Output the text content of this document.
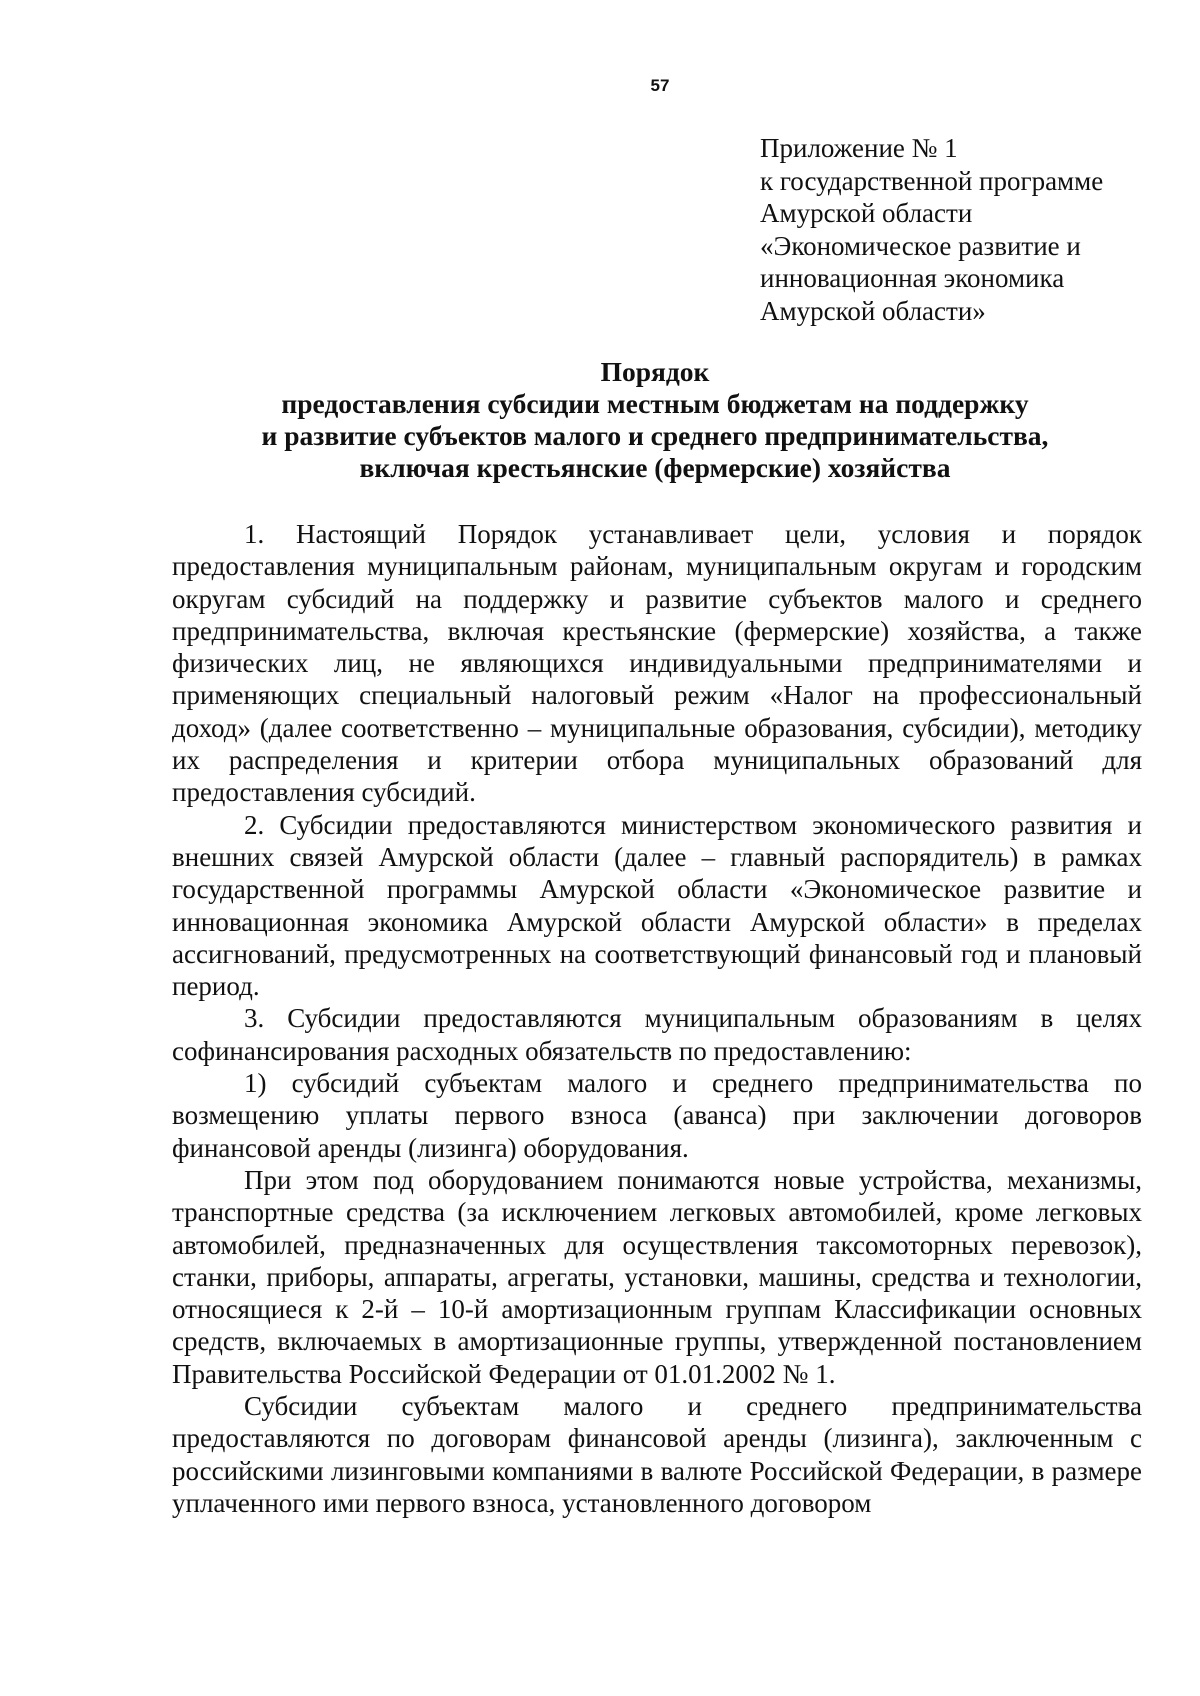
57
Приложение № 1
к государственной программе
Амурской области
«Экономическое развитие и
инновационная экономика
Амурской области»
Порядок
предоставления субсидии местным бюджетам на поддержку
и развитие субъектов малого и среднего предпринимательства,
включая крестьянские (фермерские) хозяйства

1. Настоящий Порядок устанавливает цели, условия и порядок предоставления муниципальным районам, муниципальным округам и городским округам субсидий на поддержку и развитие субъектов малого и среднего предпринимательства, включая крестьянские (фермерские) хозяйства, а также физических лиц, не являющихся индивидуальными предпринимателями и применяющих специальный налоговый режим «Налог на профессиональный доход» (далее соответственно – муниципальные образования, субсидии), методику их распределения и критерии отбора муниципальных образований для предоставления субсидий.

2. Субсидии предоставляются министерством экономического развития и внешних связей Амурской области (далее – главный распорядитель) в рамках государственной программы Амурской области «Экономическое развитие и инновационная экономика Амурской области Амурской области» в пределах ассигнований, предусмотренных на соответствующий финансовый год и плановый период.

3. Субсидии предоставляются муниципальным образованиям в целях софинансирования расходных обязательств по предоставлению:

1) субсидий субъектам малого и среднего предпринимательства по возмещению уплаты первого взноса (аванса) при заключении договоров финансовой аренды (лизинга) оборудования.

При этом под оборудованием понимаются новые устройства, механизмы, транспортные средства (за исключением легковых автомобилей, кроме легковых автомобилей, предназначенных для осуществления таксомоторных перевозок), станки, приборы, аппараты, агрегаты, установки, машины, средства и технологии, относящиеся к 2-й – 10-й амортизационным группам Классификации основных средств, включаемых в амортизационные группы, утвержденной постановлением Правительства Российской Федерации от 01.01.2002 № 1.

Субсидии субъектам малого и среднего предпринимательства предоставляются по договорам финансовой аренды (лизинга), заключенным с российскими лизинговыми компаниями в валюте Российской Федерации, в размере уплаченного ими первого взноса, установленного договором
